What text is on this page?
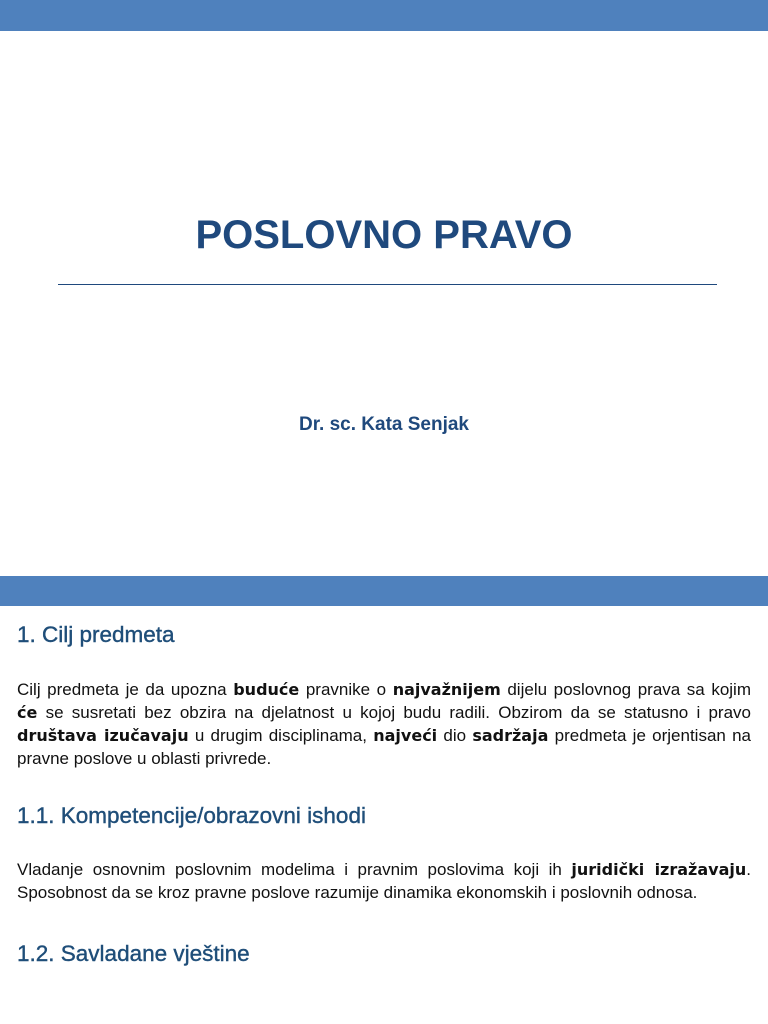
POSLOVNO PRAVO
Dr. sc. Kata Senjak
1. Cilj predmeta

Cilj predmeta je da upozna buduće pravnike o najvažnijem dijelu poslovnog prava sa kojim će se susretati bez obzira na djelatnost u kojoj budu radili. Obzirom da se statusno i pravo društava izučavaju u drugim disciplinama, najveći dio sadržaja predmeta je orjentisan na pravne poslove u oblasti privrede.

1.1. Kompetencije/obrazovni ishodi

Vladanje osnovnim poslovnim modelima i pravnim poslovima koji ih juridički izražavaju. Sposobnost da se kroz pravne poslove razumije dinamika ekonomskih i poslovnih odnosa.

1.2. Savladane vještine
